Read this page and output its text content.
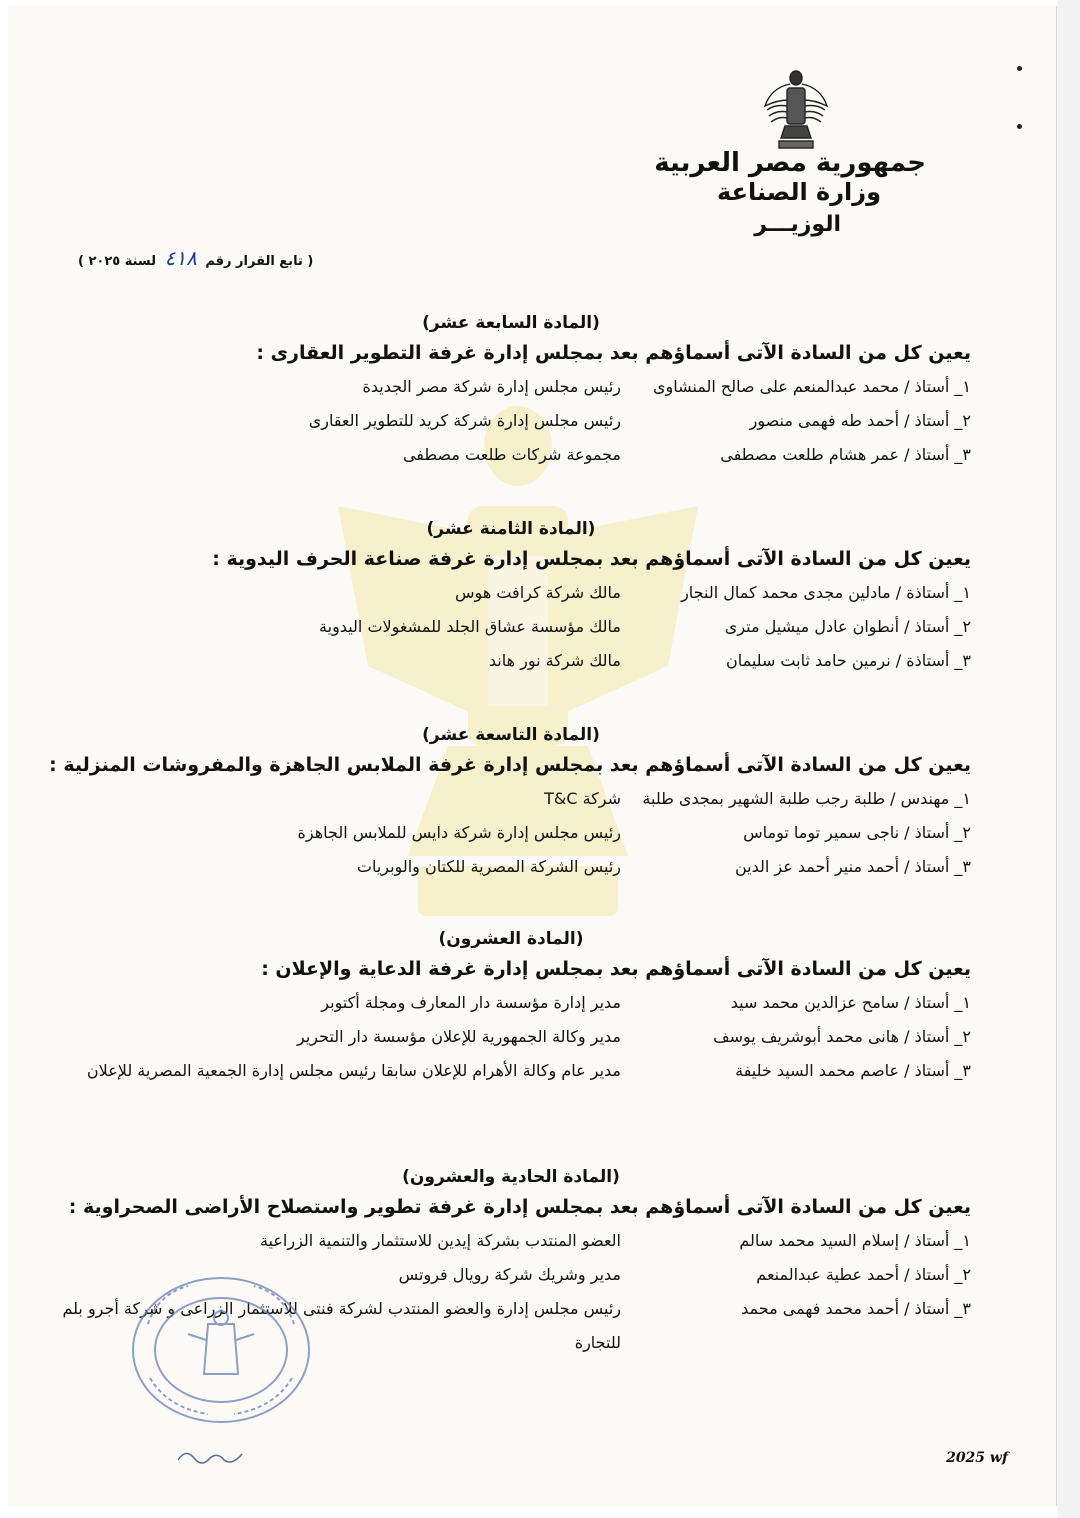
جمهورية مصر العربية
وزارة الصناعة
الوزيـــر
( تابع القرار رقم ٤١٨ لسنة ٢٠٢٥ )
(المادة السابعة عشر)
يعين كل من السادة الآتى أسماؤهم بعد بمجلس إدارة غرفة التطوير العقارى :
١_ أستاذ / محمد عبدالمنعم على صالح المنشاوى
رئيس مجلس إدارة شركة مصر الجديدة
٢_ أستاذ / أحمد طه فهمى منصور
رئيس مجلس إدارة شركة كريد للتطوير العقارى
٣_ أستاذ / عمر هشام طلعت مصطفى
مجموعة شركات طلعت مصطفى
(المادة الثامنة عشر)
يعين كل من السادة الآتى أسماؤهم بعد بمجلس إدارة غرفة صناعة الحرف اليدوية :
١_ أستاذة / مادلين مجدى محمد كمال النجار
مالك شركة كرافت هوس
٢_ أستاذ / أنطوان عادل ميشيل مترى
مالك مؤسسة عشاق الجلد للمشغولات اليدوية
٣_ أستاذة / نرمين حامد ثابت سليمان
مالك شركة نور هاند
(المادة التاسعة عشر)
يعين كل من السادة الآتى أسماؤهم بعد بمجلس إدارة غرفة الملابس الجاهزة والمفروشات المنزلية :
١_ مهندس / طلبة رجب طلبة الشهير بمجدى طلبة
شركة T&C
٢_ أستاذ / ناجى سمير توما توماس
رئيس مجلس إدارة شركة دايس للملابس الجاهزة
٣_ أستاذ / أحمد منير أحمد عز الدين
رئيس الشركة المصرية للكتان والوبريات
(المادة العشرون)
يعين كل من السادة الآتى أسماؤهم بعد بمجلس إدارة غرفة الدعاية والإعلان :
١_ أستاذ / سامح عزالدين محمد سيد
مدير إدارة مؤسسة دار المعارف ومجلة أكتوبر
٢_ أستاذ / هانى محمد أبوشريف يوسف
مدير وكالة الجمهورية للإعلان مؤسسة دار التحرير
٣_ أستاذ / عاصم محمد السيد خليفة
مدير عام وكالة الأهرام للإعلان سابقا رئيس مجلس إدارة الجمعية المصرية للإعلان
(المادة الحادية والعشرون)
يعين كل من السادة الآتى أسماؤهم بعد بمجلس إدارة غرفة تطوير واستصلاح الأراضى الصحراوية :
١_ أستاذ / إسلام السيد محمد سالم
العضو المنتدب بشركة إيدين للاستثمار والتنمية الزراعية
٢_ أستاذ / أحمد عطية عبدالمنعم
مدير وشريك شركة رويال فروتس
٣_ أستاذ / أحمد محمد فهمى محمد
رئيس مجلس إدارة والعضو المنتدب لشركة فنتى للاستثمار الزراعى و شركة أجرو بلم للتجارة
2025 wf
